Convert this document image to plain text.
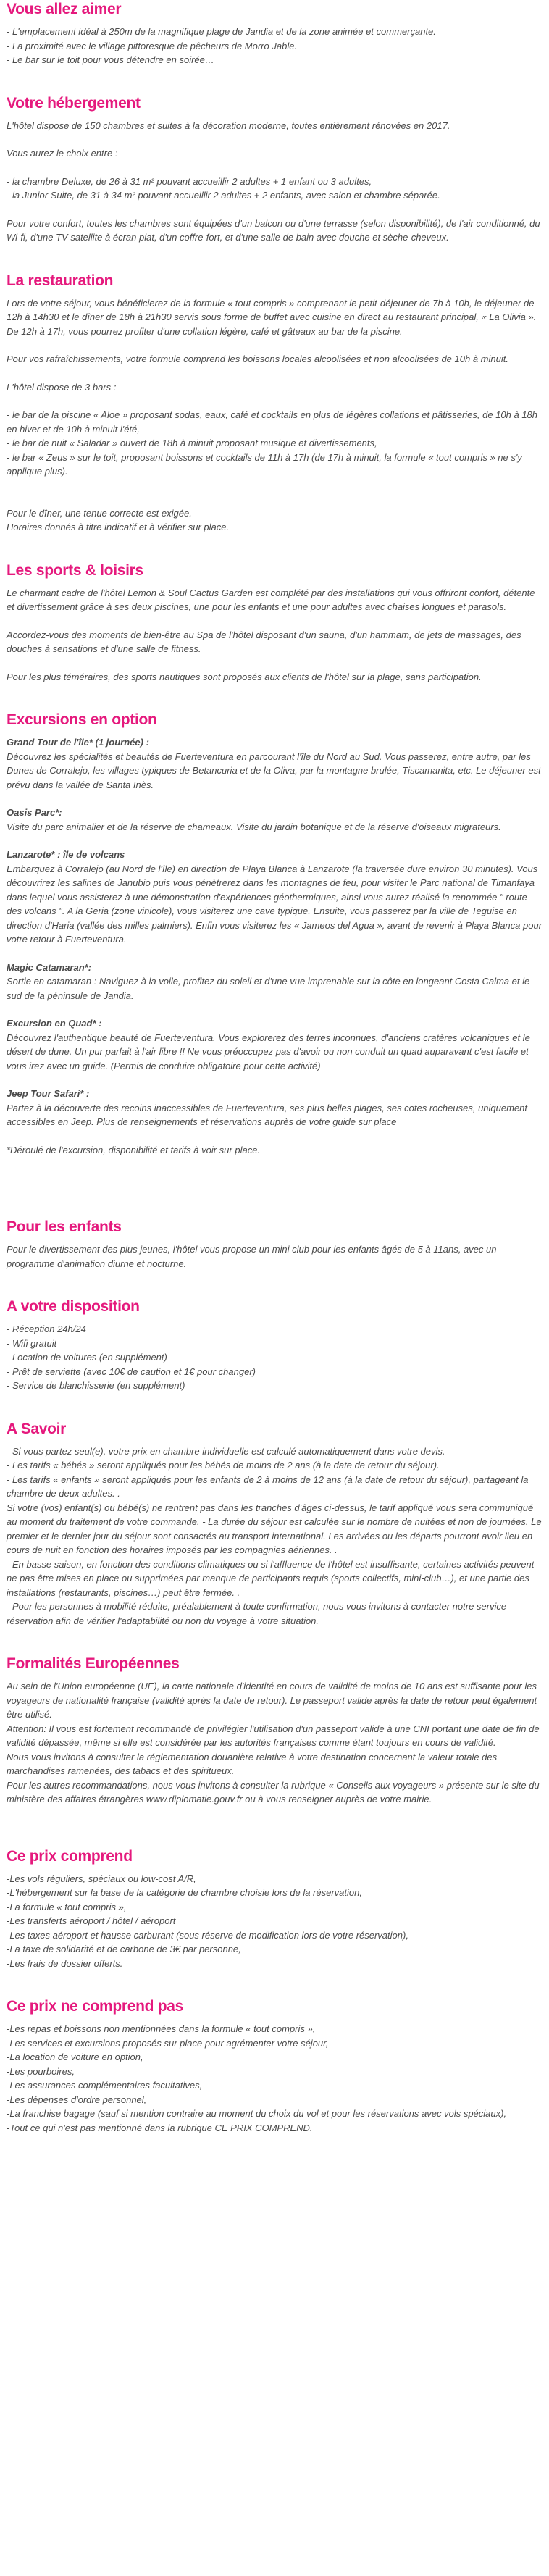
Vous allez aimer
- L'emplacement idéal à 250m de la magnifique plage de Jandia et de la zone animée et commerçante.
- La proximité avec le village pittoresque de pêcheurs de Morro Jable.
- Le bar sur le toit pour vous détendre en soirée…
Votre hébergement

L'hôtel dispose de 150 chambres et suites à la décoration moderne, toutes entièrement rénovées en 2017.

Vous aurez le choix entre :

- la chambre Deluxe, de 26 à 31 m² pouvant accueillir 2 adultes + 1 enfant ou 3 adultes,
- la Junior Suite, de 31 à 34 m² pouvant accueillir 2 adultes + 2 enfants, avec salon et chambre séparée.

Pour votre confort, toutes les chambres sont équipées d'un balcon ou d'une terrasse (selon disponibilité), de l'air conditionné, du Wi-fi, d'une TV satellite à écran plat, d'un coffre-fort, et d'une salle de bain avec douche et sèche-cheveux.

La restauration

Lors de votre séjour, vous bénéficierez de la formule « tout compris » comprenant le petit-déjeuner de 7h à 10h, le déjeuner de 12h à 14h30 et le dîner de 18h à 21h30 servis sous forme de buffet avec cuisine en direct au restaurant principal, « La Olivia ».

De 12h à 17h, vous pourrez profiter d'une collation légère, café et gâteaux au bar de la piscine.

Pour vos rafraîchissements, votre formule comprend les boissons locales alcoolisées et non alcoolisées de 10h à minuit.

L'hôtel dispose de 3 bars :

- le bar de la piscine « Aloe » proposant sodas, eaux, café et cocktails en plus de légères collations et pâtisseries, de 10h à 18h en hiver et de 10h à minuit l'été,
- le bar de nuit « Saladar » ouvert de 18h à minuit proposant musique et divertissements,
- le bar « Zeus » sur le toit, proposant boissons et cocktails de 11h à 17h (de 17h à minuit, la formule « tout compris » ne s'y applique plus).

Pour le dîner, une tenue correcte est exigée.

Horaires donnés à titre indicatif et à vérifier sur place.

Les sports & loisirs

Le charmant cadre de l'hôtel Lemon & Soul Cactus Garden est complété par des installations qui vous offriront confort, détente et divertissement grâce à ses deux piscines, une pour les enfants et une pour adultes avec chaises longues et parasols.

Accordez-vous des moments de bien-être au Spa de l'hôtel disposant d'un sauna, d'un hammam, de jets de massages, des douches à sensations et d'une salle de fitness.

Pour les plus téméraires, des sports nautiques sont proposés aux clients de l'hôtel sur la plage, sans participation.

Excursions en option

Grand Tour de l'île* (1 journée) :

Découvrez les spécialités et beautés de Fuerteventura en parcourant l'île du Nord au Sud. Vous passerez, entre autre, par les Dunes de Corralejo, les villages typiques de Betancuria et de la Oliva, par la montagne brulée, Tiscamanita, etc. Le déjeuner est prévu dans la vallée de Santa Inès.

Oasis Parc*:

Visite du parc animalier et de la réserve de chameaux. Visite du jardin botanique et de la réserve d'oiseaux migrateurs.

Lanzarote* : île de volcans

Embarquez à Corralejo (au Nord de l'île) en direction de Playa Blanca à Lanzarote (la traversée dure environ 30 minutes). Vous découvrirez les salines de Janubio puis vous pénètrerez dans les montagnes de feu, pour visiter le Parc national de Timanfaya dans lequel vous assisterez à une démonstration d'expériences géothermiques, ainsi vous aurez réalisé la renommée " route des volcans ". A la Geria (zone vinicole), vous visiterez une cave typique. Ensuite, vous passerez par la ville de Teguise en direction d'Haria (vallée des milles palmiers). Enfin vous visiterez les « Jameos del Agua », avant de revenir à Playa Blanca pour votre retour à Fuerteventura.

Magic Catamaran*:

Sortie en catamaran : Naviguez à la voile, profitez du soleil et d'une vue imprenable sur la côte en longeant Costa Calma et le sud de la péninsule de Jandia.

Excursion en Quad* :

Découvrez l'authentique beauté de Fuerteventura. Vous explorerez des terres inconnues, d'anciens cratères volcaniques et le désert de dune. Un pur parfait à l'air libre !! Ne vous préoccupez pas d'avoir ou non conduit un quad auparavant c'est facile et vous irez avec un guide. (Permis de conduire obligatoire pour cette activité)

Jeep Tour Safari* :

Partez à la découverte des recoins inaccessibles de Fuerteventura, ses plus belles plages, ses cotes rocheuses, uniquement accessibles en Jeep. Plus de renseignements et réservations auprès de votre guide sur place

*Déroulé de l'excursion, disponibilité et tarifs à voir sur place.

Pour les enfants

Pour le divertissement des plus jeunes, l'hôtel vous propose un mini club pour les enfants âgés de 5 à 11ans, avec un programme d'animation diurne et nocturne.

A votre disposition
- Réception 24h/24
- Wifi gratuit
- Location de voitures (en supplément)
- Prêt de serviette (avec 10€ de caution et 1€ pour changer)
- Service de blanchisserie (en supplément)
A Savoir
- Si vous partez seul(e), votre prix en chambre individuelle est calculé automatiquement dans votre devis.
- Les tarifs « bébés » seront appliqués pour les bébés de moins de 2 ans (à la date de retour du séjour).
- Les tarifs « enfants » seront appliqués pour les enfants de 2 à moins de 12 ans (à la date de retour du séjour), partageant la chambre de deux adultes. .
Si votre (vos) enfant(s) ou bébé(s) ne rentrent pas dans les tranches d'âges ci-dessus, le tarif appliqué vous sera communiqué au moment du traitement de votre commande. - La durée du séjour est calculée sur le nombre de nuitées et non de journées. Le premier et le dernier jour du séjour sont consacrés au transport international. Les arrivées ou les départs pourront avoir lieu en cours de nuit en fonction des horaires imposés par les compagnies aériennes. .
- En basse saison, en fonction des conditions climatiques ou si l'affluence de l'hôtel est insuffisante, certaines activités peuvent ne pas être mises en place ou supprimées par manque de participants requis (sports collectifs, mini-club…), et une partie des installations (restaurants, piscines…) peut être fermée. .
- Pour les personnes à mobilité réduite, préalablement à toute confirmation, nous vous invitons à contacter notre service réservation afin de vérifier l'adaptabilité ou non du voyage à votre situation.
Formalités Européennes

Au sein de l'Union européenne (UE), la carte nationale d'identité en cours de validité de moins de 10 ans est suffisante pour les voyageurs de nationalité française (validité après la date de retour). Le passeport valide après la date de retour peut également être utilisé.

Attention: Il vous est fortement recommandé de privilégier l'utilisation d'un passeport valide à une CNI portant une date de fin de validité dépassée, même si elle est considérée par les autorités françaises comme étant toujours en cours de validité.

Nous vous invitons à consulter la réglementation douanière relative à votre destination concernant la valeur totale des marchandises ramenées, des tabacs et des spiritueux.

Pour les autres recommandations, nous vous invitons à consulter la rubrique « Conseils aux voyageurs » présente sur le site du ministère des affaires étrangères www.diplomatie.gouv.fr ou à vous renseigner auprès de votre mairie.

Ce prix comprend
-Les vols réguliers, spéciaux ou low-cost A/R,
-L'hébergement sur la base de la catégorie de chambre choisie lors de la réservation,
-La formule « tout compris »,
-Les transferts aéroport / hôtel / aéroport
-Les taxes aéroport et hausse carburant (sous réserve de modification lors de votre réservation),
-La taxe de solidarité et de carbone de 3€ par personne,
-Les frais de dossier offerts.
Ce prix ne comprend pas
-Les repas et boissons non mentionnées dans la formule « tout compris »,
-Les services et excursions proposés sur place pour agrémenter votre séjour,
-La location de voiture en option,
-Les pourboires,
-Les assurances complémentaires facultatives,
-Les dépenses d'ordre personnel,
-La franchise bagage (sauf si mention contraire au moment du choix du vol et pour les réservations avec vols spéciaux),
-Tout ce qui n'est pas mentionné dans la rubrique CE PRIX COMPREND.
